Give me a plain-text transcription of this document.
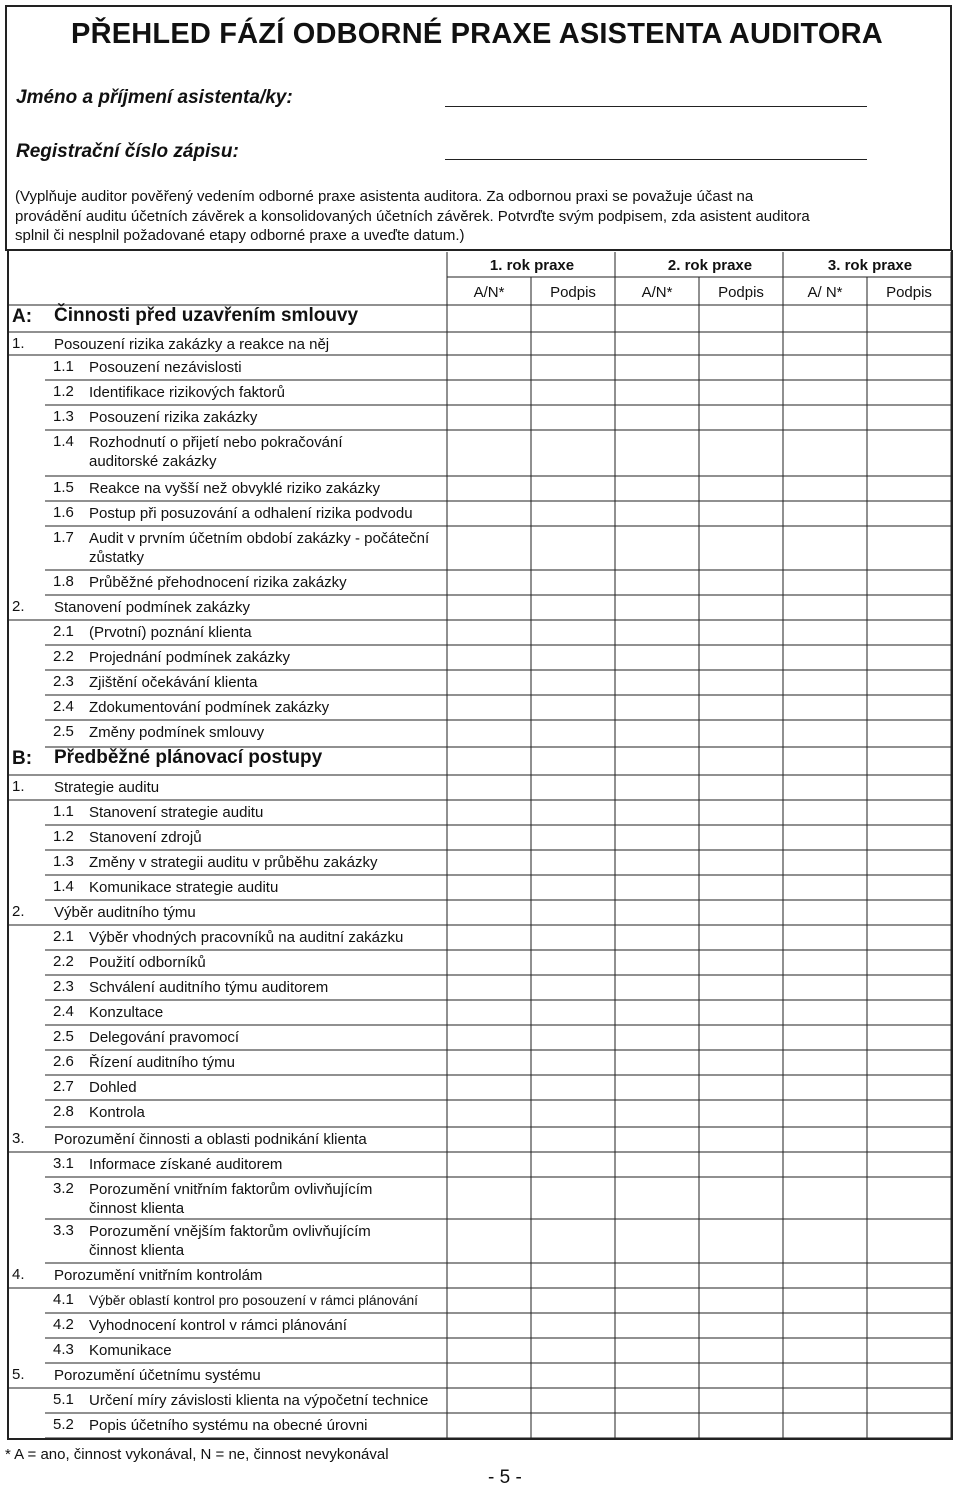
PŘEHLED FÁZÍ ODBORNÉ PRAXE ASISTENTA AUDITORA
Jméno a příjmení asistenta/ky:
Registrační číslo zápisu:
(Vyplňuje auditor pověřený vedením odborné praxe asistenta auditora. Za odbornou praxi se považuje účast na provádění auditu účetních závěrek a konsolidovaných účetních závěrek. Potvrďte svým podpisem, zda asistent auditora splnil či nesplnil požadované etapy odborné praxe a uveďte datum.)
1. rok praxe	2. rok praxe	3. rok praxe
A/N*	Podpis	A/N*	Podpis	A/ N*	Podpis
A: Činnosti před uzavřením smlouvy
1. Posouzení rizika zakázky a reakce na něj
1.1 Posouzení nezávislosti
1.2 Identifikace rizikových faktorů
1.3 Posouzení rizika zakázky
1.4 Rozhodnutí o přijetí nebo pokračování
auditorské zakázky
1.5 Reakce na vyšší než obvyklé riziko zakázky
1.6 Postup při posuzování a odhalení rizika podvodu
1.7 Audit v prvním účetním období zakázky - počáteční
zůstatky
1.8 Průběžné přehodnocení rizika zakázky
2. Stanovení podmínek zakázky
2.1 (Prvotní) poznání klienta
2.2 Projednání podmínek zakázky
2.3 Zjištění očekávání klienta
2.4 Zdokumentování podmínek zakázky
2.5 Změny podmínek smlouvy
B: Předběžné plánovací postupy
1. Strategie auditu
1.1 Stanovení strategie auditu
1.2 Stanovení zdrojů
1.3 Změny v strategii auditu v průběhu zakázky
1.4 Komunikace strategie auditu
2. Výběr auditního týmu
2.1 Výběr vhodných pracovníků na auditní zakázku
2.2 Použití odborníků
2.3 Schválení auditního týmu auditorem
2.4 Konzultace
2.5 Delegování pravomocí
2.6 Řízení auditního týmu
2.7 Dohled
2.8 Kontrola
3. Porozumění činnosti a oblasti podnikání klienta
3.1 Informace získané auditorem
3.2 Porozumění vnitřním faktorům ovlivňujícím
činnost klienta
3.3 Porozumění vnějším faktorům ovlivňujícím
činnost klienta
4. Porozumění vnitřním kontrolám
4.1 Výběr oblastí kontrol pro posouzení v rámci plánování
4.2 Vyhodnocení kontrol v rámci plánování
4.3 Komunikace
5. Porozumění účetnímu systému
5.1 Určení míry závislosti klienta na výpočetní technice
5.2 Popis účetního systému na obecné úrovni
* A = ano, činnost vykonával, N = ne, činnost nevykonával
- 5 -
